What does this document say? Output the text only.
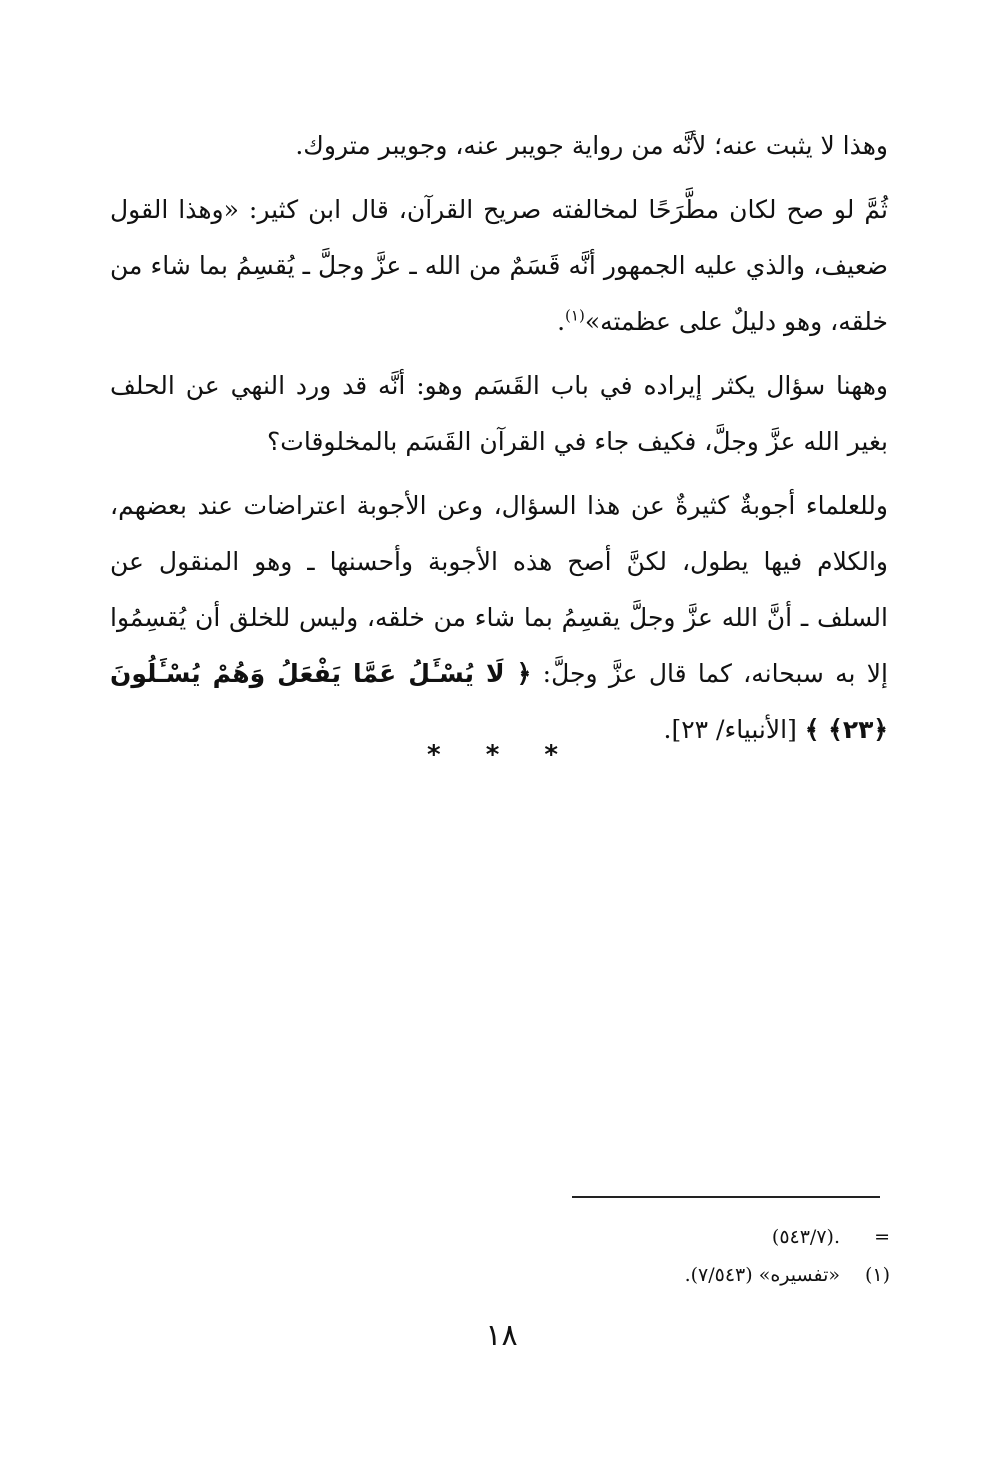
وهذا لا يثبت عنه؛ لأنَّه من رواية جويبر عنه، وجويبر متروك.

ثُمَّ لو صح لكان مطَّرَحًا لمخالفته صريح القرآن، قال ابن كثير: «وهذا القول ضعيف، والذي عليه الجمهور أنَّه قَسَمٌ من الله ـ عزَّ وجلَّ ـ يُقسِمُ بما شاء من خلقه، وهو دليلٌ على عظمته»$^{(١)}$.

وههنا سؤال يكثر إيراده في باب القَسَم وهو: أنَّه قد ورد النهي عن الحلف بغير الله عزَّ وجلَّ، فكيف جاء في القرآن القَسَم بالمخلوقات؟

وللعلماء أجوبةٌ كثيرةٌ عن هذا السؤال، وعن الأجوبة اعتراضات عند بعضهم، والكلام فيها يطول، لكنَّ أصح هذه الأجوبة وأحسنها ـ وهو المنقول عن السلف ـ أنَّ الله عزَّ وجلَّ يقسِمُ بما شاء من خلقه، وليس للخلق أن يُقسِمُوا إلا به سبحانه، كما قال عزَّ وجلَّ: ﴿ لَا يُسْـَٔلُ عَمَّا يَفْعَلُ وَهُمْ يُسْـَٔلُونَ ﴿٢٣﴾ ﴾ [الأنبياء/ ٢٣].

* * *
=.(٥٤٣/٧)
(١)«تفسيره» (٧/٥٤٣).
١٨
